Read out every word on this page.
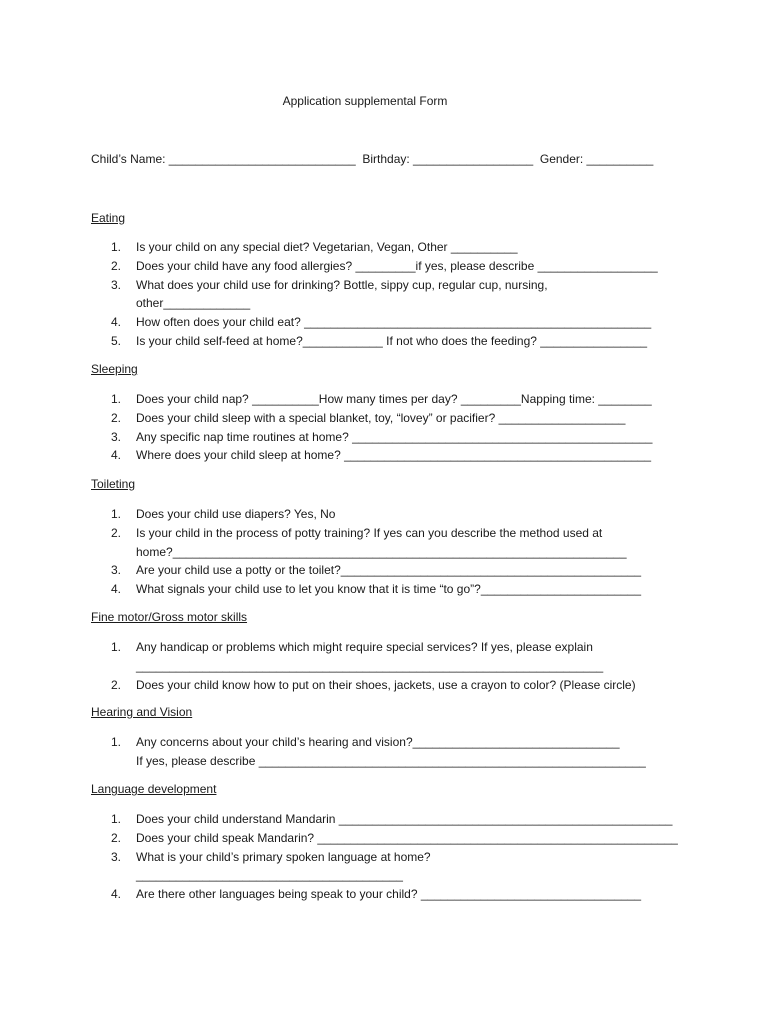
Application supplemental Form
Child’s Name: ____________________________ Birthday: __________________ Gender: __________
Eating
1. Is your child on any special diet? Vegetarian, Vegan, Other __________
2. Does your child have any food allergies? _________if yes, please describe __________________
3. What does your child use for drinking? Bottle, sippy cup, regular cup, nursing,
other_____________
4. How often does your child eat? ____________________________________________________
5. Is your child self-feed at home?____________ If not who does the feeding? ________________
Sleeping
1. Does your child nap? __________How many times per day? _________Napping time: ________
2. Does your child sleep with a special blanket, toy, “lovey” or pacifier? ___________________
3. Any specific nap time routines at home? _____________________________________________
4. Where does your child sleep at home? ______________________________________________
Toileting
1. Does your child use diapers? Yes, No
2. Is your child in the process of potty training? If yes can you describe the method used at
home?____________________________________________________________________
3. Are your child use a potty or the toilet?_____________________________________________
4. What signals your child use to let you know that it is time “to go”?________________________
Fine motor/Gross motor skills
1. Any handicap or problems which might require special services? If yes, please explain
______________________________________________________________________
2. Does your child know how to put on their shoes, jackets, use a crayon to color? (Please circle)
Hearing and Vision
1. Any concerns about your child’s hearing and vision?_______________________________
If yes, please describe __________________________________________________________
Language development
1. Does your child understand Mandarin __________________________________________________
2. Does your child speak Mandarin? ______________________________________________________
3. What is your child’s primary spoken language at home?
________________________________________
4. Are there other languages being speak to your child? _________________________________
